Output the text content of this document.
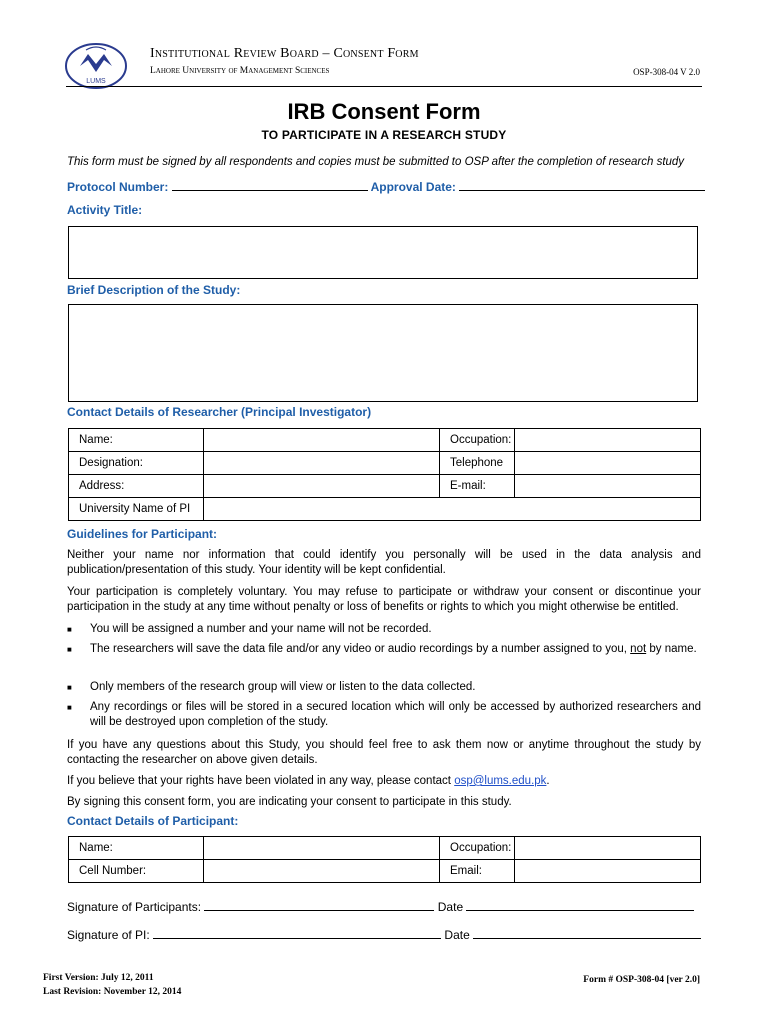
LUMS
Institutional Review Board – Consent Form
Lahore University of Management Sciences	OSP-308-04 V 2.0
IRB Consent Form
TO PARTICIPATE IN A RESEARCH STUDY
This form must be signed by all respondents and copies must be submitted to OSP after the completion of research study
Protocol Number:	Approval Date:
Activity Title:
Brief Description of the Study:
Contact Details of Researcher (Principal Investigator)
Name:		Occupation:	
Designation:		Telephone	
Address:		E-mail:	
University Name of PI			
Guidelines for Participant:
Neither your name nor information that could identify you personally will be used in the data analysis and publication/presentation of this study. Your identity will be kept confidential.
Your participation is completely voluntary. You may refuse to participate or withdraw your consent or discontinue your participation in the study at any time without penalty or loss of benefits or rights to which you might otherwise be entitled.
■ You will be assigned a number and your name will not be recorded.
■ The researchers will save the data file and/or any video or audio recordings by a number assigned to you, not by name.
■ Only members of the research group will view or listen to the data collected.
■ Any recordings or files will be stored in a secured location which will only be accessed by authorized researchers and will be destroyed upon completion of the study.
If you have any questions about this Study, you should feel free to ask them now or anytime throughout the study by contacting the researcher on above given details.
If you believe that your rights have been violated in any way, please contact osp@lums.edu.pk.
By signing this consent form, you are indicating your consent to participate in this study.
Contact Details of Participant:
Name:		Occupation:	
Cell Number:		Email:	
Signature of Participants:	Date
Signature of PI:	Date
First Version: July 12, 2011
Last Revision: November 12, 2014
Form # OSP-308-04 [ver 2.0]
